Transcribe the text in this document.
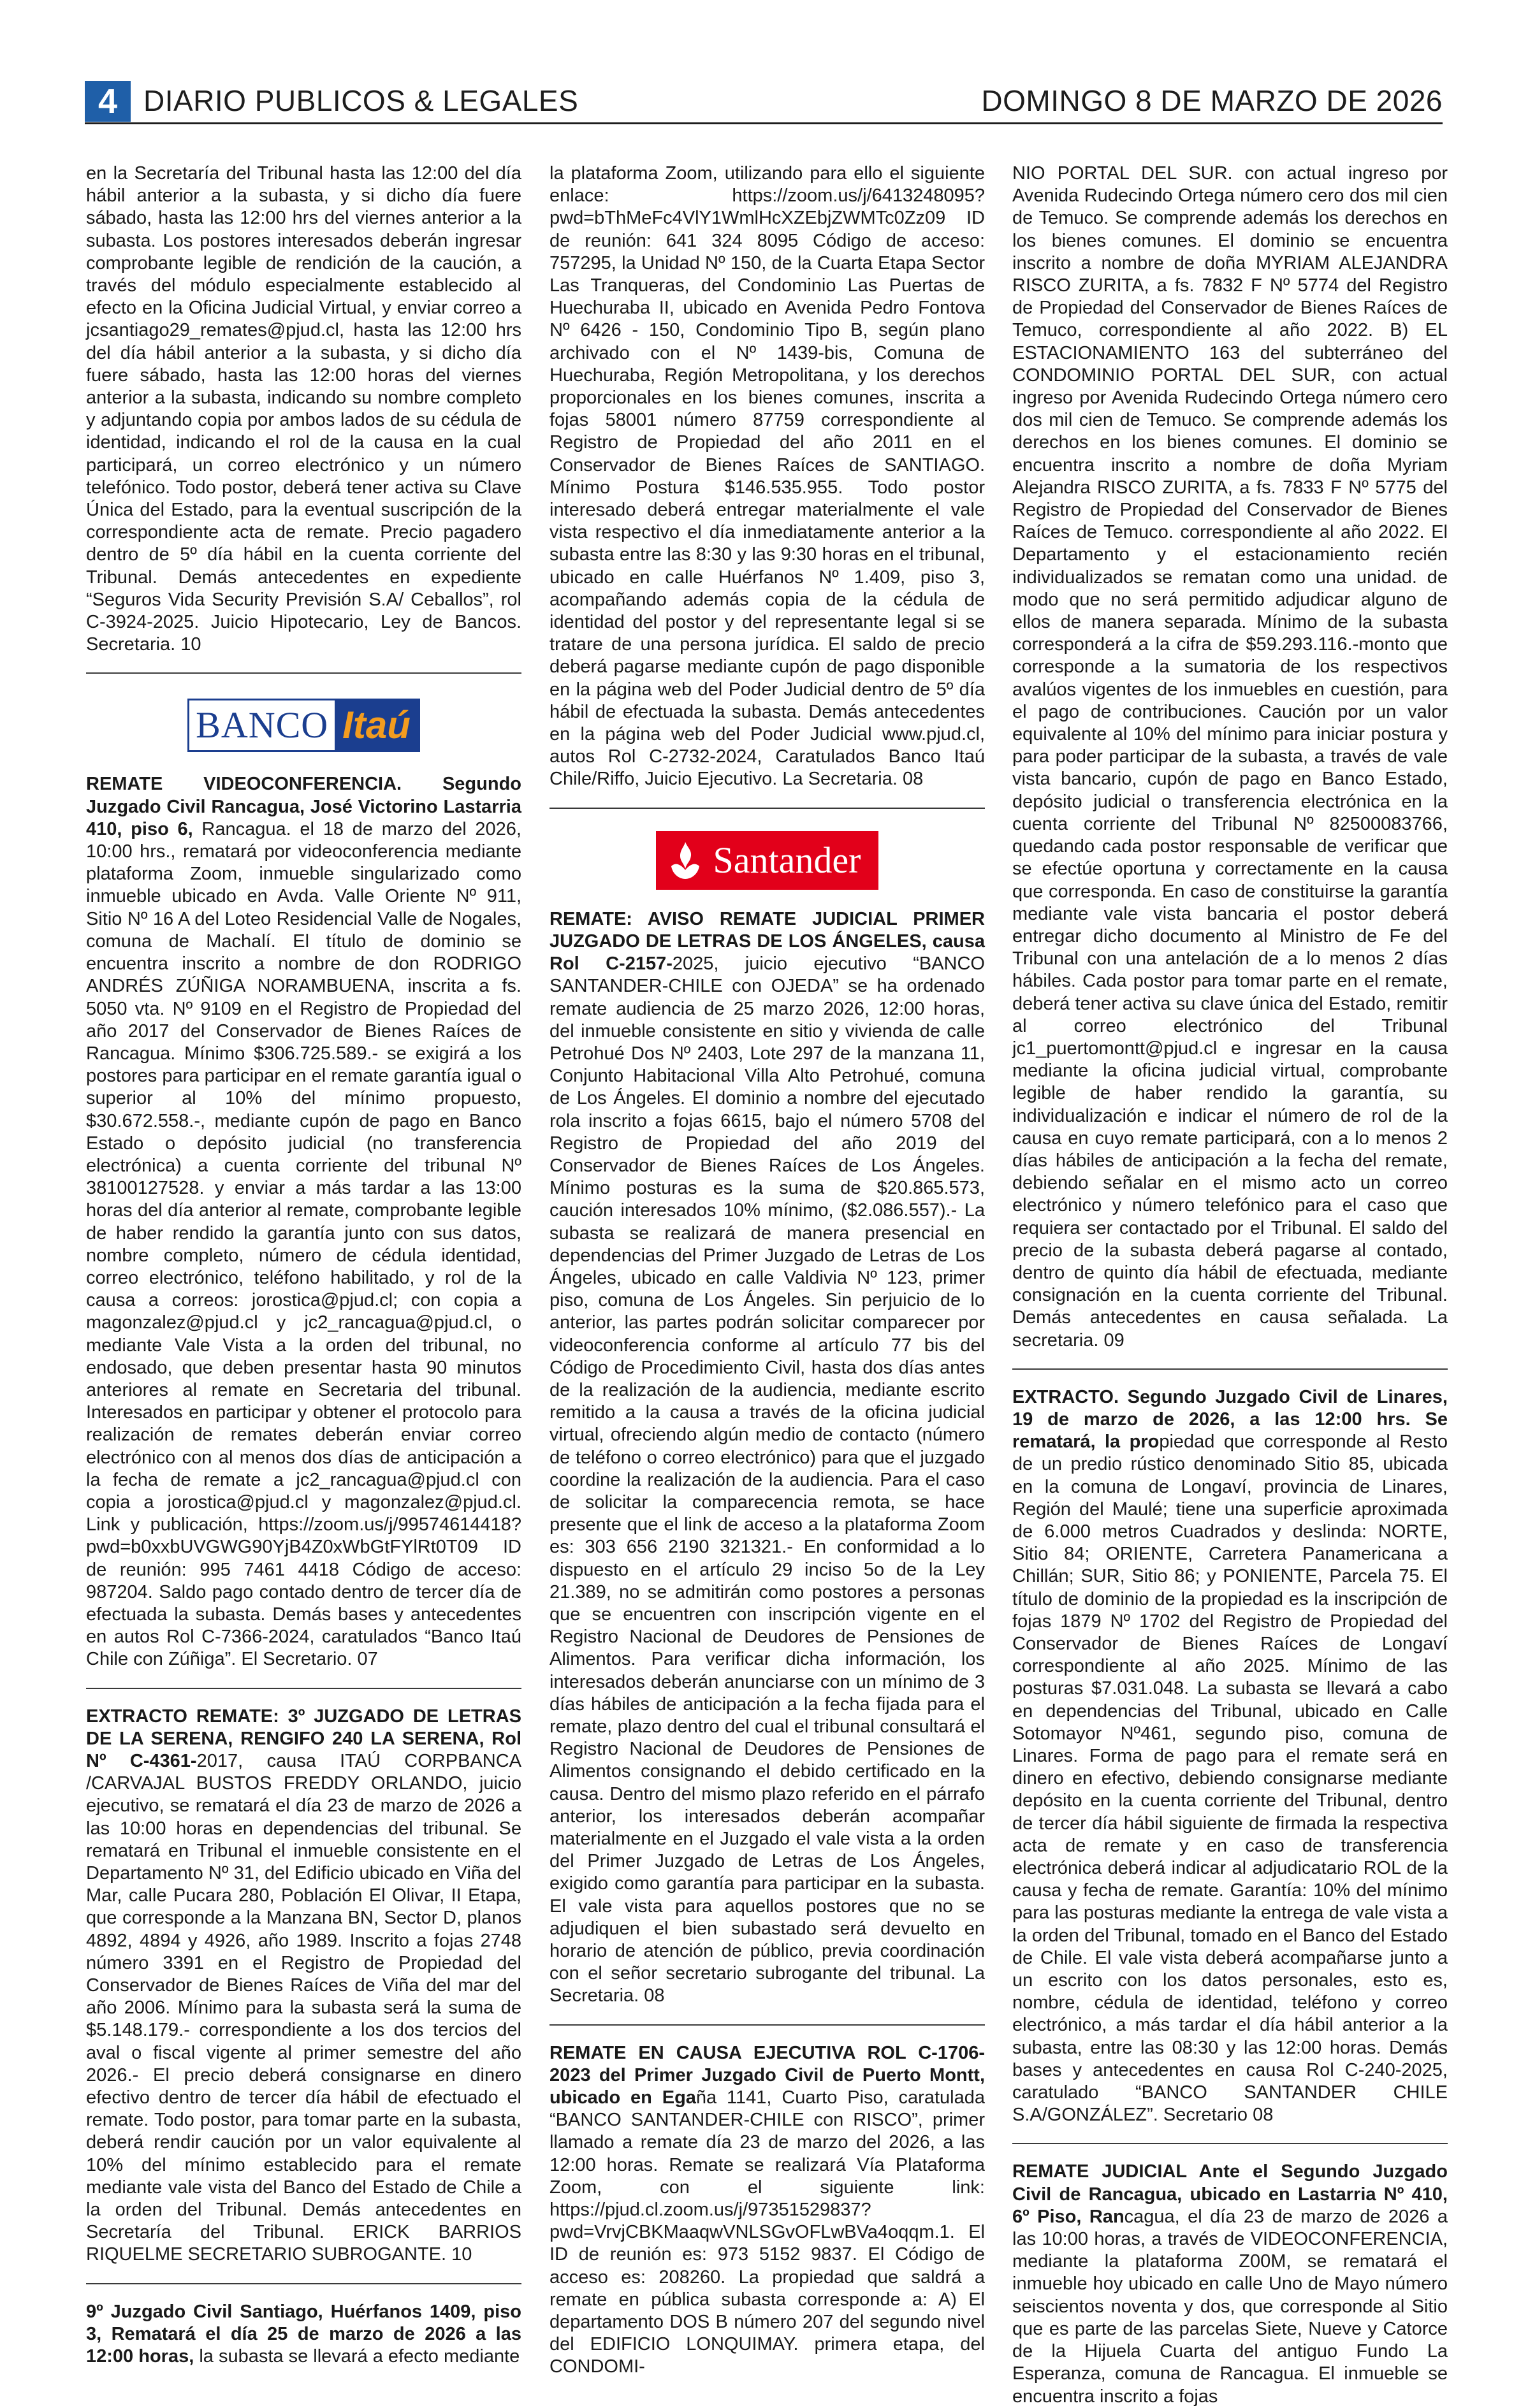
4 DIARIO PUBLICOS & LEGALES	DOMINGO 8 DE MARZO DE 2026

en la Secretaría del Tribunal hasta las 12:00 del día hábil anterior a la subasta, y si dicho día fuere sábado, hasta las 12:00 hrs del viernes anterior a la subasta. Los postores interesados deberán ingresar comprobante legible de rendición de la caución, a través del módulo especialmente establecido al efecto en la Oficina Judicial Virtual, y enviar correo a jcsantiago29_remates@pjud.cl, hasta las 12:00 hrs del día hábil anterior a la subasta, y si dicho día fuere sábado, hasta las 12:00 horas del viernes anterior a la subasta, indicando su nombre completo y adjuntando copia por ambos lados de su cédula de identidad, indicando el rol de la causa en la cual participará, un correo electrónico y un número telefónico. Todo postor, deberá tener activa su Clave Única del Estado, para la eventual suscripción de la correspondiente acta de remate. Precio pagadero dentro de 5º día hábil en la cuenta corriente del Tribunal. Demás antecedentes en expediente “Seguros Vida Security Previsión S.A/ Ceballos”, rol C-3924-2025. Juicio Hipotecario, Ley de Bancos. Secretaria. 10

BANCO Itaú

REMATE VIDEOCONFERENCIA. Segundo Juzgado Civil Rancagua, José Victorino Lastarria 410, piso 6, Rancagua. el 18 de marzo del 2026, 10:00 hrs., rematará por videoconferencia mediante plataforma Zoom, inmueble singularizado como inmueble ubicado en Avda. Valle Oriente Nº 911, Sitio Nº 16 A del Loteo Residencial Valle de Nogales, comuna de Machalí. El título de dominio se encuentra inscrito a nombre de don RODRIGO ANDRÉS ZÚÑIGA NORAMBUENA, inscrita a fs. 5050 vta. Nº 9109 en el Registro de Propiedad del año 2017 del Conservador de Bienes Raíces de Rancagua. Mínimo $306.725.589.- se exigirá a los postores para participar en el remate garantía igual o superior al 10% del mínimo propuesto, $30.672.558.-, mediante cupón de pago en Banco Estado o depósito judicial (no transferencia electrónica) a cuenta corriente del tribunal Nº 38100127528. y enviar a más tardar a las 13:00 horas del día anterior al remate, comprobante legible de haber rendido la garantía junto con sus datos, nombre completo, número de cédula identidad, correo electrónico, teléfono habilitado, y rol de la causa a correos: jorostica@pjud.cl; con copia a magonzalez@pjud.cl y jc2_rancagua@pjud.cl, o mediante Vale Vista a la orden del tribunal, no endosado, que deben presentar hasta 90 minutos anteriores al remate en Secretaria del tribunal. Interesados en participar y obtener el protocolo para realización de remates deberán enviar correo electrónico con al menos dos días de anticipación a la fecha de remate a jc2_rancagua@pjud.cl con copia a jorostica@pjud.cl y magonzalez@pjud.cl. Link y publicación, https://zoom.us/j/99574614418?pwd=b0xxbUVGWG90YjB4Z0xWbGtFYlRt0T09 ID de reunión: 995 7461 4418 Código de acceso: 987204. Saldo pago contado dentro de tercer día de efectuada la subasta. Demás bases y antecedentes en autos Rol C-7366-2024, caratulados “Banco Itaú Chile con Zúñiga”. El Secretario. 07

EXTRACTO REMATE: 3º JUZGADO DE LETRAS DE LA SERENA, RENGIFO 240 LA SERENA, Rol Nº C-4361-2017, causa ITAÚ CORPBANCA /CARVAJAL BUSTOS FREDDY ORLANDO, juicio ejecutivo, se rematará el día 23 de marzo de 2026 a las 10:00 horas en dependencias del tribunal. Se rematará en Tribunal el inmueble consistente en el Departamento Nº 31, del Edificio ubicado en Viña del Mar, calle Pucara 280, Población El Olivar, II Etapa, que corresponde a la Manzana BN, Sector D, planos 4892, 4894 y 4926, año 1989. Inscrito a fojas 2748 número 3391 en el Registro de Propiedad del Conservador de Bienes Raíces de Viña del mar del año 2006. Mínimo para la subasta será la suma de $5.148.179.- correspondiente a los dos tercios del aval o fiscal vigente al primer semestre del año 2026.- El precio deberá consignarse en dinero efectivo dentro de tercer día hábil de efectuado el remate. Todo postor, para tomar parte en la subasta, deberá rendir caución por un valor equivalente al 10% del mínimo establecido para el remate mediante vale vista del Banco del Estado de Chile a la orden del Tribunal. Demás antecedentes en Secretaría del Tribunal. ERICK BARRIOS RIQUELME SECRETARIO SUBROGANTE. 10

9º Juzgado Civil Santiago, Huérfanos 1409, piso 3, Rematará el día 25 de marzo de 2026 a las 12:00 horas, la subasta se llevará a efecto mediante

la plataforma Zoom, utilizando para ello el siguiente enlace: https://zoom.us/j/6413248095?pwd=bThMeFc4VlY1WmlHcXZEbjZWMTc0Zz09 ID de reunión: 641 324 8095 Código de acceso: 757295, la Unidad Nº 150, de la Cuarta Etapa Sector Las Tranqueras, del Condominio Las Puertas de Huechuraba II, ubicado en Avenida Pedro Fontova Nº 6426 - 150, Condominio Tipo B, según plano archivado con el Nº 1439-bis, Comuna de Huechuraba, Región Metropolitana, y los derechos proporcionales en los bienes comunes, inscrita a fojas 58001 número 87759 correspondiente al Registro de Propiedad del año 2011 en el Conservador de Bienes Raíces de SANTIAGO. Mínimo Postura $146.535.955. Todo postor interesado deberá entregar materialmente el vale vista respectivo el día inmediatamente anterior a la subasta entre las 8:30 y las 9:30 horas en el tribunal, ubicado en calle Huérfanos Nº 1.409, piso 3, acompañando además copia de la cédula de identidad del postor y del representante legal si se tratare de una persona jurídica. El saldo de precio deberá pagarse mediante cupón de pago disponible en la página web del Poder Judicial dentro de 5º día hábil de efectuada la subasta. Demás antecedentes en la página web del Poder Judicial www.pjud.cl, autos Rol C-2732-2024, Caratulados Banco Itaú Chile/Riffo, Juicio Ejecutivo. La Secretaria. 08

Santander

REMATE: AVISO REMATE JUDICIAL PRIMER JUZGADO DE LETRAS DE LOS ÁNGELES, causa Rol C-2157-2025, juicio ejecutivo “BANCO SANTANDER-CHILE con OJEDA” se ha ordenado remate audiencia de 25 marzo 2026, 12:00 horas, del inmueble consistente en sitio y vivienda de calle Petrohué Dos Nº 2403, Lote 297 de la manzana 11, Conjunto Habitacional Villa Alto Petrohué, comuna de Los Ángeles. El dominio a nombre del ejecutado rola inscrito a fojas 6615, bajo el número 5708 del Registro de Propiedad del año 2019 del Conservador de Bienes Raíces de Los Ángeles. Mínimo posturas es la suma de $20.865.573, caución interesados 10% mínimo, ($2.086.557).- La subasta se realizará de manera presencial en dependencias del Primer Juzgado de Letras de Los Ángeles, ubicado en calle Valdivia Nº 123, primer piso, comuna de Los Ángeles. Sin perjuicio de lo anterior, las partes podrán solicitar comparecer por videoconferencia conforme al artículo 77 bis del Código de Procedimiento Civil, hasta dos días antes de la realización de la audiencia, mediante escrito remitido a la causa a través de la oficina judicial virtual, ofreciendo algún medio de contacto (número de teléfono o correo electrónico) para que el juzgado coordine la realización de la audiencia. Para el caso de solicitar la comparecencia remota, se hace presente que el link de acceso a la plataforma Zoom es: 303 656 2190 321321.- En conformidad a lo dispuesto en el artículo 29 inciso 5o de la Ley 21.389, no se admitirán como postores a personas que se encuentren con inscripción vigente en el Registro Nacional de Deudores de Pensiones de Alimentos. Para verificar dicha información, los interesados deberán anunciarse con un mínimo de 3 días hábiles de anticipación a la fecha fijada para el remate, plazo dentro del cual el tribunal consultará el Registro Nacional de Deudores de Pensiones de Alimentos consignando el debido certificado en la causa. Dentro del mismo plazo referido en el párrafo anterior, los interesados deberán acompañar materialmente en el Juzgado el vale vista a la orden del Primer Juzgado de Letras de Los Ángeles, exigido como garantía para participar en la subasta. El vale vista para aquellos postores que no se adjudiquen el bien subastado será devuelto en horario de atención de público, previa coordinación con el señor secretario subrogante del tribunal. La Secretaria. 08

REMATE EN CAUSA EJECUTIVA ROL C-1706-2023 del Primer Juzgado Civil de Puerto Montt, ubicado en Egaña 1141, Cuarto Piso, caratulada “BANCO SANTANDER-CHILE con RISCO”, primer llamado a remate día 23 de marzo del 2026, a las 12:00 horas. Remate se realizará Vía Plataforma Zoom, con el siguiente link: https://pjud.cl.zoom.us/j/97351529837?pwd=VrvjCBKMaaqwVNLSGvOFLwBVa4oqqm.1. El ID de reunión es: 973 5152 9837. El Código de acceso es: 208260. La propiedad que saldrá a remate en pública subasta corresponde a: A) El departamento DOS B número 207 del segundo nivel del EDIFICIO LONQUIMAY. primera etapa, del CONDOMI-

NIO PORTAL DEL SUR. con actual ingreso por Avenida Rudecindo Ortega número cero dos mil cien de Temuco. Se comprende además los derechos en los bienes comunes. El dominio se encuentra inscrito a nombre de doña MYRIAM ALEJANDRA RISCO ZURITA, a fs. 7832 F Nº 5774 del Registro de Propiedad del Conservador de Bienes Raíces de Temuco, correspondiente al año 2022. B) EL ESTACIONAMIENTO 163 del subterráneo del CONDOMINIO PORTAL DEL SUR, con actual ingreso por Avenida Rudecindo Ortega número cero dos mil cien de Temuco. Se comprende además los derechos en los bienes comunes. El dominio se encuentra inscrito a nombre de doña Myriam Alejandra RISCO ZURITA, a fs. 7833 F Nº 5775 del Registro de Propiedad del Conservador de Bienes Raíces de Temuco. correspondiente al año 2022. El Departamento y el estacionamiento recién individualizados se rematan como una unidad. de modo que no será permitido adjudicar alguno de ellos de manera separada. Mínimo de la subasta corresponderá a la cifra de $59.293.116.-monto que corresponde a la sumatoria de los respectivos avalúos vigentes de los inmuebles en cuestión, para el pago de contribuciones. Caución por un valor equivalente al 10% del mínimo para iniciar postura y para poder participar de la subasta, a través de vale vista bancario, cupón de pago en Banco Estado, depósito judicial o transferencia electrónica en la cuenta corriente del Tribunal Nº 82500083766, quedando cada postor responsable de verificar que se efectúe oportuna y correctamente en la causa que corresponda. En caso de constituirse la garantía mediante vale vista bancaria el postor deberá entregar dicho documento al Ministro de Fe del Tribunal con una antelación de a lo menos 2 días hábiles. Cada postor para tomar parte en el remate, deberá tener activa su clave única del Estado, remitir al correo electrónico del Tribunal jc1_puertomontt@pjud.cl e ingresar en la causa mediante la oficina judicial virtual, comprobante legible de haber rendido la garantía, su individualización e indicar el número de rol de la causa en cuyo remate participará, con a lo menos 2 días hábiles de anticipación a la fecha del remate, debiendo señalar en el mismo acto un correo electrónico y número telefónico para el caso que requiera ser contactado por el Tribunal. El saldo del precio de la subasta deberá pagarse al contado, dentro de quinto día hábil de efectuada, mediante consignación en la cuenta corriente del Tribunal. Demás antecedentes en causa señalada. La secretaria. 09

EXTRACTO. Segundo Juzgado Civil de Linares, 19 de marzo de 2026, a las 12:00 hrs. Se rematará, la propiedad que corresponde al Resto de un predio rústico denominado Sitio 85, ubicada en la comuna de Longaví, provincia de Linares, Región del Maulé; tiene una superficie aproximada de 6.000 metros Cuadrados y deslinda: NORTE, Sitio 84; ORIENTE, Carretera Panamericana a Chillán; SUR, Sitio 86; y PONIENTE, Parcela 75. El título de dominio de la propiedad es la inscripción de fojas 1879 Nº 1702 del Registro de Propiedad del Conservador de Bienes Raíces de Longaví correspondiente al año 2025. Mínimo de las posturas $7.031.048. La subasta se llevará a cabo en dependencias del Tribunal, ubicado en Calle Sotomayor Nº461, segundo piso, comuna de Linares. Forma de pago para el remate será en dinero en efectivo, debiendo consignarse mediante depósito en la cuenta corriente del Tribunal, dentro de tercer día hábil siguiente de firmada la respectiva acta de remate y en caso de transferencia electrónica deberá indicar al adjudicatario ROL de la causa y fecha de remate. Garantía: 10% del mínimo para las posturas mediante la entrega de vale vista a la orden del Tribunal, tomado en el Banco del Estado de Chile. El vale vista deberá acompañarse junto a un escrito con los datos personales, esto es, nombre, cédula de identidad, teléfono y correo electrónico, a más tardar el día hábil anterior a la subasta, entre las 08:30 y las 12:00 horas. Demás bases y antecedentes en causa Rol C-240-2025, caratulado “BANCO SANTANDER CHILE S.A/GONZÁLEZ”. Secretario 08

REMATE JUDICIAL Ante el Segundo Juzgado Civil de Rancagua, ubicado en Lastarria Nº 410, 6º Piso, Rancagua, el día 23 de marzo de 2026 a las 10:00 horas, a través de VIDEOCONFERENCIA, mediante la plataforma Z00M, se rematará el inmueble hoy ubicado en calle Uno de Mayo número seiscientos noventa y dos, que corresponde al Sitio que es parte de las parcelas Siete, Nueve y Catorce de la Hijuela Cuarta del antiguo Fundo La Esperanza, comuna de Rancagua. El inmueble se encuentra inscrito a fojas
